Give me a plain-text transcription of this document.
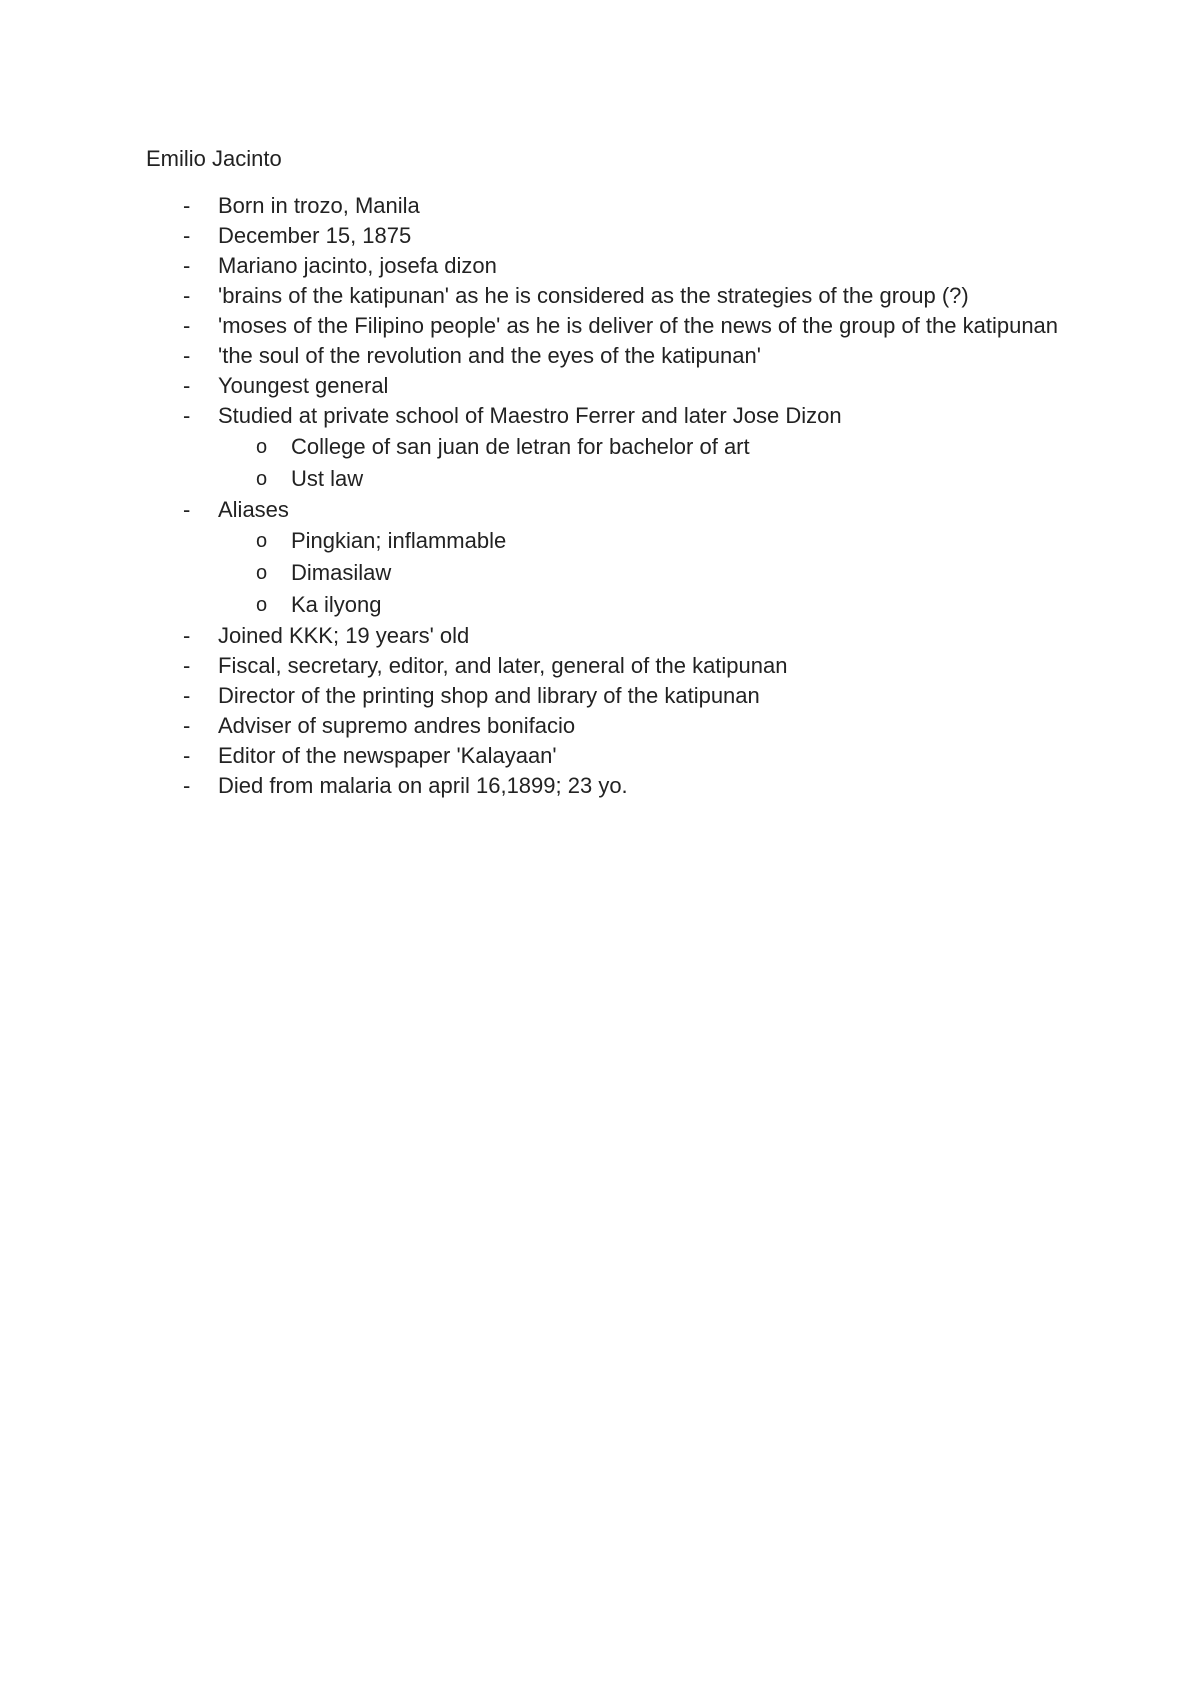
Emilio Jacinto
- Born in trozo, Manila
- December 15, 1875
- Mariano jacinto, josefa dizon
- 'brains of the katipunan' as he is considered as the strategies of the group (?)
- 'moses of the Filipino people' as he is deliver of the news of the group of the katipunan
- 'the soul of the revolution and the eyes of the katipunan'
- Youngest general
- Studied at private school of Maestro Ferrer and later Jose Dizon
o College of san juan de letran for bachelor of art
o Ust law
- Aliases
o Pingkian; inflammable
o Dimasilaw
o Ka ilyong
- Joined KKK; 19 years' old
- Fiscal, secretary, editor, and later, general of the katipunan
- Director of the printing shop and library of the katipunan
- Adviser of supremo andres bonifacio
- Editor of the newspaper 'Kalayaan'
- Died from malaria on april 16,1899; 23 yo.
